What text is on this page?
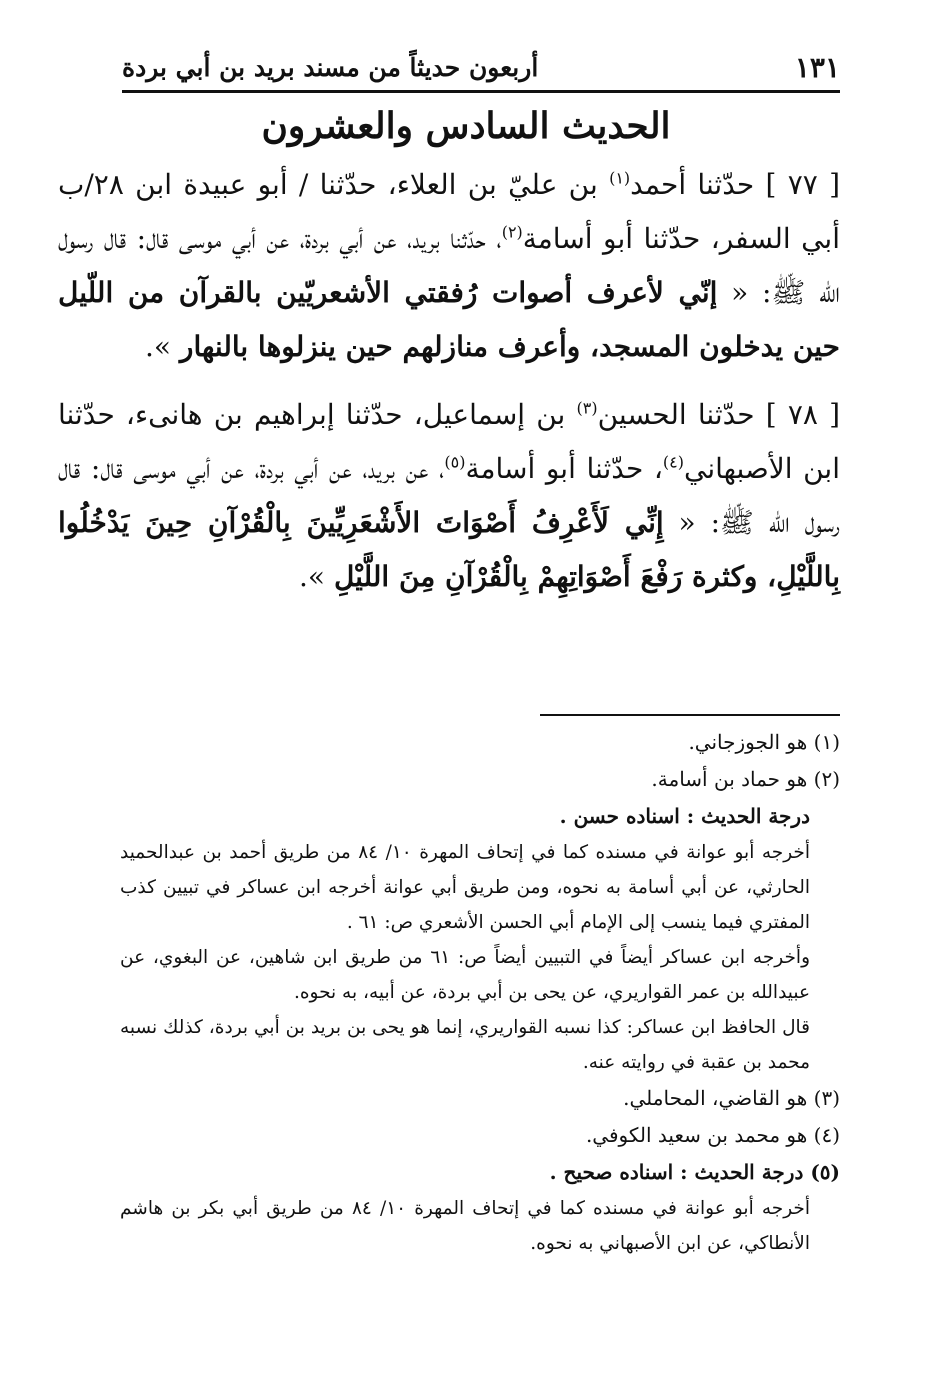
١٣١
أربعون حديثاً من مسند بريد بن أبي بردة
الحديث السادس والعشرون

[ ٧٧ ] حدّثنا أحمد$^{(١)}$ بن عليّ بن العلاء، حدّثنا / أبو عبيدة ابن ٢٨/ب أبي السفر، حدّثنا أبو أسامة$^{(٢)}$، حدّثنا بريد، عن أبي بردة، عن أبي موسى قال: قال رسول الله ﷺ: « إنّي لأعرف أصوات رُفقتي الأشعريّين بالقرآن من اللّيل حين يدخلون المسجد، وأعرف منازلهم حين ينزلوها بالنهار ».

[ ٧٨ ] حدّثنا الحسين$^{(٣)}$ بن إسماعيل، حدّثنا إبراهيم بن هانىء، حدّثنا ابن الأصبهاني$^{(٤)}$، حدّثنا أبو أسامة$^{(٥)}$، عن بريد، عن أبي بردة، عن أبي موسى قال: قال رسول الله ﷺ: « إِنِّي لَأَعْرِفُ أَصْوَاتَ الأَشْعَرِيِّينَ بِالْقُرْآنِ حِينَ يَدْخُلُوا بِاللَّيْلِ، وكثرة رَفْعَ أَصْوَاتِهِمْ بِالْقُرْآنِ مِنَ اللَّيْلِ ».

(١) هو الجوزجاني.

(٢) هو حماد بن أسامة.

درجة الحديث : اسناده حسن .

أخرجه أبو عوانة في مسنده كما في إتحاف المهرة ١٠/ ٨٤ من طريق أحمد بن عبدالحميد الحارثي، عن أبي أسامة به نحوه، ومن طريق أبي عوانة أخرجه ابن عساكر في تبيين كذب المفتري فيما ينسب إلى الإمام أبي الحسن الأشعري ص: ٦١ .

وأخرجه ابن عساكر أيضاً في التبيين أيضاً ص: ٦١ من طريق ابن شاهين، عن البغوي، عن عبيدالله بن عمر القواريري، عن يحى بن أبي بردة، عن أبيه، به نحوه.

قال الحافظ ابن عساكر: كذا نسبه القواريري، إنما هو يحى بن بريد بن أبي بردة، كذلك نسبه محمد بن عقبة في روايته عنه.

(٣) هو القاضي، المحاملي.

(٤) هو محمد بن سعيد الكوفي.

(٥) درجة الحديث : اسناده صحيح .

أخرجه أبو عوانة في مسنده كما في إتحاف المهرة ١٠/ ٨٤ من طريق أبي بكر بن هاشم الأنطاكي، عن ابن الأصبهاني به نحوه.
